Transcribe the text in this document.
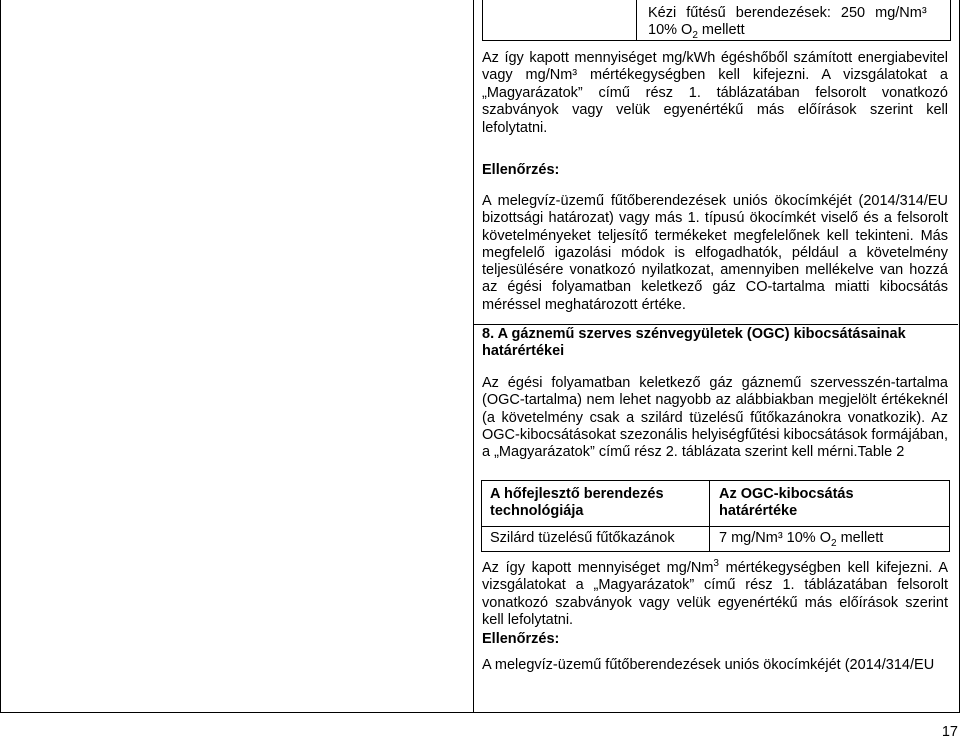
Kézi fűtésű berendezések: 250 mg/Nm³
10% $O_2$ mellett

Az így kapott mennyiséget mg/kWh égéshőből számított energiabevitel vagy mg/Nm³ mértékegységben kell kifejezni. A vizsgálatokat a „Magyarázatok” című rész 1. táblázatában felsorolt vonatkozó szabványok vagy velük egyenértékű más előírások szerint kell lefolytatni.

Ellenőrzés:

A melegvíz-üzemű fűtőberendezések uniós ökocímkéjét (2014/314/EU bizottsági határozat) vagy más 1. típusú ökocímkét viselő és a felsorolt követelményeket teljesítő termékeket megfelelőnek kell tekinteni. Más megfelelő igazolási módok is elfogadhatók, például a követelmény teljesülésére vonatkozó nyilatkozat, amennyiben mellékelve van hozzá az égési folyamatban keletkező gáz CO-tartalma miatti kibocsátás méréssel meghatározott értéke.

8. A gáznemű szerves szénvegyületek (OGC) kibocsátásainak határértékei

Az égési folyamatban keletkező gáz gáznemű szervesszén-tartalma (OGC-tartalma) nem lehet nagyobb az alábbiakban megjelölt értékeknél (a követelmény csak a szilárd tüzelésű fűtőkazánokra vonatkozik). Az OGC-kibocsátásokat szezonális helyiségfűtési kibocsátások formájában, a „Magyarázatok” című rész 2. táblázata szerint kell mérni.Table 2

A hőfejlesztő berendezés technológiája
Az OGC-kibocsátás határértéke
Szilárd tüzelésű fűtőkazánok	7 mg/Nm³ 10% $O_2$ mellett

Az így kapott mennyiséget mg/Nm$^3$ mértékegységben kell kifejezni. A vizsgálatokat a „Magyarázatok” című rész 1. táblázatában felsorolt vonatkozó szabványok vagy velük egyenértékű más előírások szerint kell lefolytatni.

Ellenőrzés:

A melegvíz-üzemű fűtőberendezések uniós ökocímkéjét (2014/314/EU

17
